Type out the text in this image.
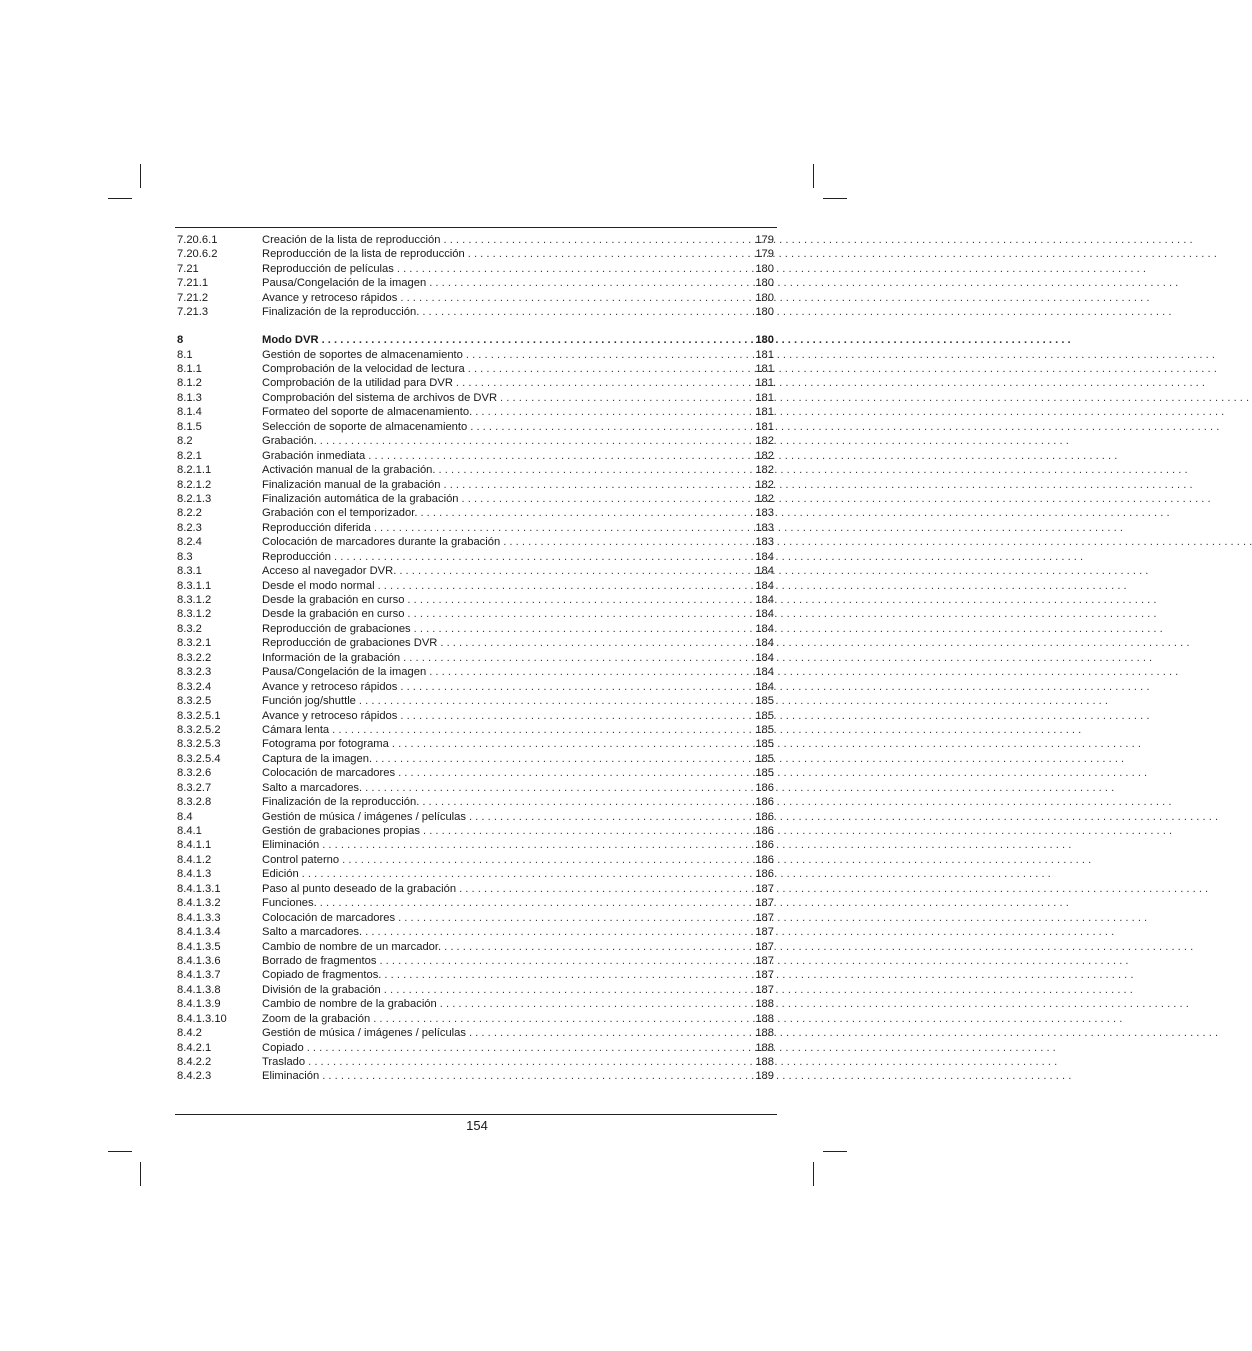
7.20.6.1	Creación de la lista de reproducción . . .	179
7.20.6.2	Reproducción de la lista de reproducción . . .	179
7.21	Reproducción de películas . . .	180
7.21.1	Pausa/Congelación de la imagen . . .	180
7.21.2	Avance y retroceso rápidos . . .	180
7.21.3	Finalización de la reproducción. . . .	180
8	Modo DVR . . .	180
8.1	Gestión de soportes de almacenamiento . . .	181
8.1.1	Comprobación de la velocidad de lectura . . .	181
8.1.2	Comprobación de la utilidad para DVR . . .	181
8.1.3	Comprobación del sistema de archivos de DVR . . .	181
8.1.4	Formateo del soporte de almacenamiento. . . .	181
8.1.5	Selección de soporte de almacenamiento . . .	181
8.2	Grabación. . . .	182
8.2.1	Grabación inmediata . . .	182
8.2.1.1	Activación manual de la grabación. . . .	182
8.2.1.2	Finalización manual de la grabación . . .	182
8.2.1.3	Finalización automática de la grabación . . .	182
8.2.2	Grabación con el temporizador. . . .	183
8.2.3	Reproducción diferida . . .	183
8.2.4	Colocación de marcadores durante la grabación . . .	183
8.3	Reproducción . . .	184
8.3.1	Acceso al navegador DVR. . . .	184
8.3.1.1	Desde el modo normal . . .	184
8.3.1.2	Desde la grabación en curso . . .	184
8.3.1.2	Desde la grabación en curso . . .	184
8.3.2	Reproducción de grabaciones . . .	184
8.3.2.1	Reproducción de grabaciones DVR . . .	184
8.3.2.2	Información de la grabación . . .	184
8.3.2.3	Pausa/Congelación de la imagen . . .	184
8.3.2.4	Avance y retroceso rápidos . . .	184
8.3.2.5	Función jog/shuttle . . .	185
8.3.2.5.1	Avance y retroceso rápidos . . .	185
8.3.2.5.2	Cámara lenta . . .	185
8.3.2.5.3	Fotograma por fotograma . . .	185
8.3.2.5.4	Captura de la imagen. . . .	185
8.3.2.6	Colocación de marcadores . . .	185
8.3.2.7	Salto a marcadores. . . .	186
8.3.2.8	Finalización de la reproducción. . . .	186
8.4	Gestión de música / imágenes / películas . . .	186
8.4.1	Gestión de grabaciones propias . . .	186
8.4.1.1	Eliminación . . .	186
8.4.1.2	Control paterno . . .	186
8.4.1.3	Edición . . .	186
8.4.1.3.1	Paso al punto deseado de la grabación . . .	187
8.4.1.3.2	Funciones. . . .	187
8.4.1.3.3	Colocación de marcadores . . .	187
8.4.1.3.4	Salto a marcadores. . . .	187
8.4.1.3.5	Cambio de nombre de un marcador. . . .	187
8.4.1.3.6	Borrado de fragmentos . . .	187
8.4.1.3.7	Copiado de fragmentos. . . .	187
8.4.1.3.8	División de la grabación . . .	187
8.4.1.3.9	Cambio de nombre de la grabación . . .	188
8.4.1.3.10	Zoom de la grabación . . .	188
8.4.2	Gestión de música / imágenes / películas . . .	188
8.4.2.1	Copiado . . .	188
8.4.2.2	Traslado . . .	188
8.4.2.3	Eliminación . . .	189
154
